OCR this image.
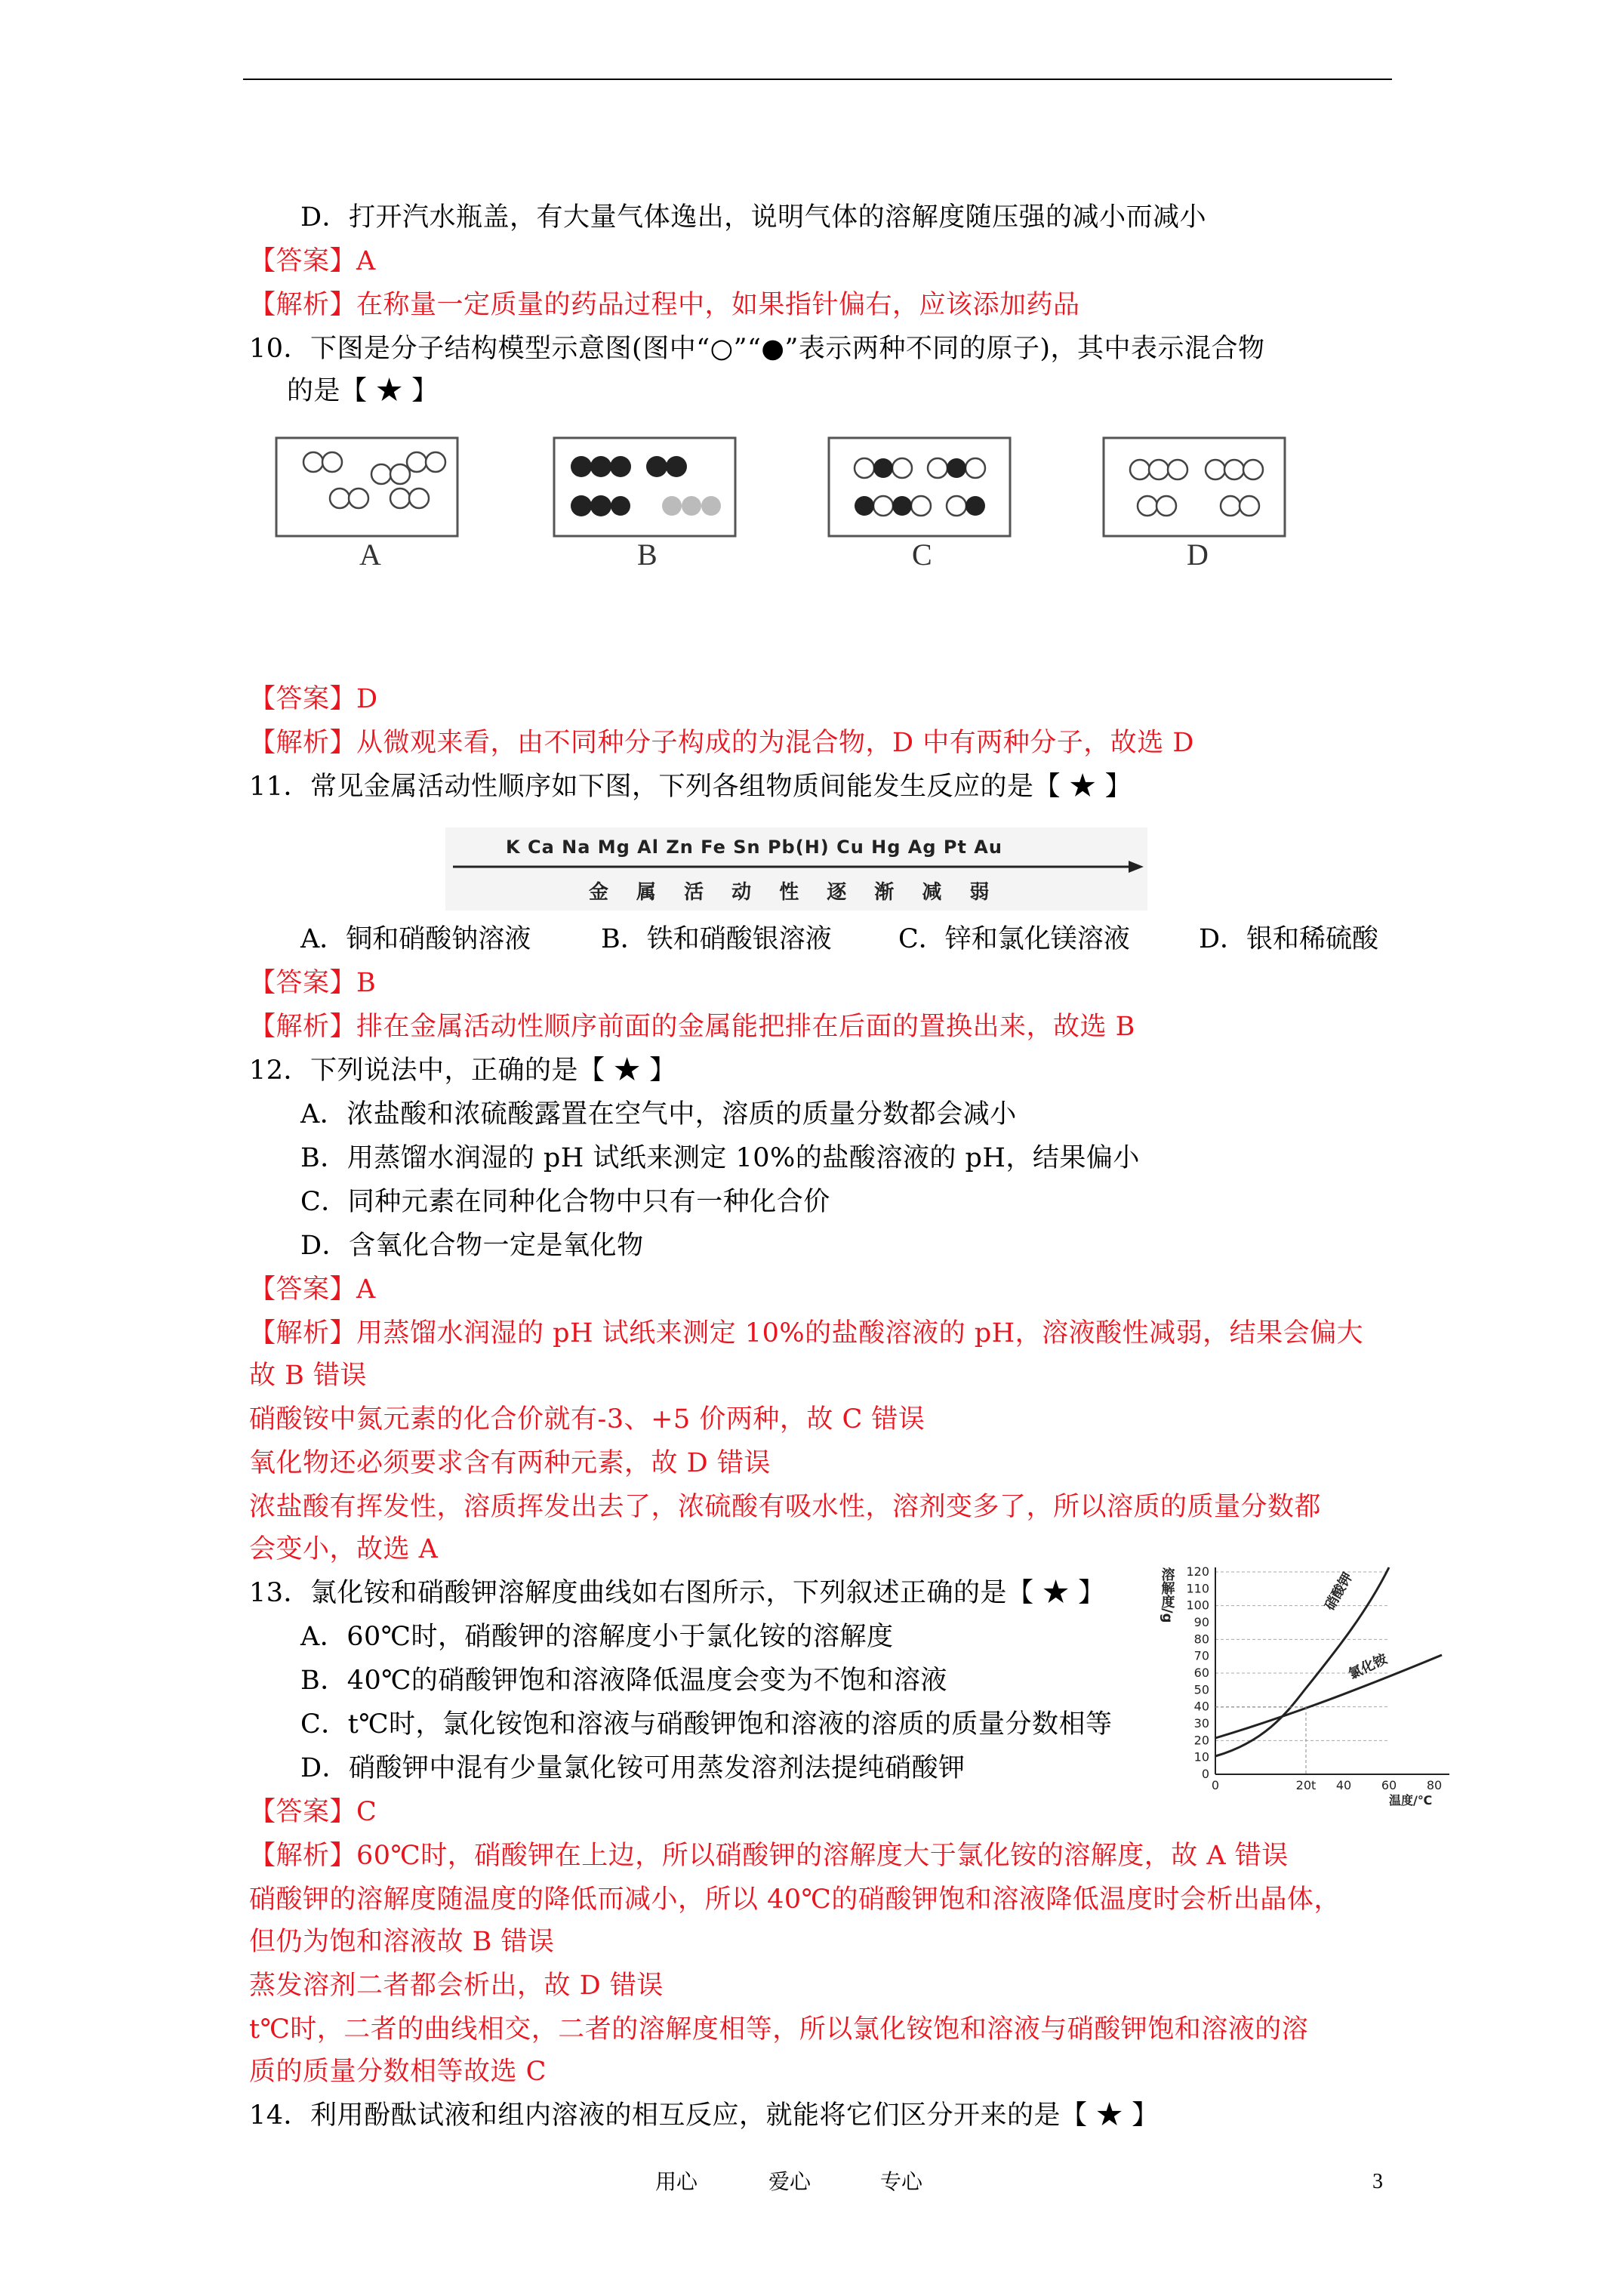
D．打开汽水瓶盖，有大量气体逸出，说明气体的溶解度随压强的减小而减小
【答案】A
【解析】在称量一定质量的药品过程中，如果指针偏右，应该添加药品
10．下图是分子结构模型示意图(图中“○”“●”表示两种不同的原子)，其中表示混合物
的是【 ★ 】
A	B	C	D
【答案】D
【解析】从微观来看，由不同种分子构成的为混合物，D 中有两种分子，故选 D
11．常见金属活动性顺序如下图，下列各组物质间能发生反应的是【 ★ 】
K Ca Na Mg Al Zn Fe Sn Pb(H) Cu Hg Ag Pt Au
金 属 活 动 性 逐 渐 减 弱
A．铜和硝酸钠溶液	B．铁和硝酸银溶液	C．锌和氯化镁溶液	D．银和稀硫酸
【答案】B
【解析】排在金属活动性顺序前面的金属能把排在后面的置换出来，故选 B
12．下列说法中，正确的是【 ★ 】
A．浓盐酸和浓硫酸露置在空气中，溶质的质量分数都会减小
B．用蒸馏水润湿的 pH 试纸来测定 10%的盐酸溶液的 pH，结果偏小
C．同种元素在同种化合物中只有一种化合价
D．含氧化合物一定是氧化物
【答案】A
【解析】用蒸馏水润湿的 pH 试纸来测定 10%的盐酸溶液的 pH，溶液酸性减弱，结果会偏大
故 B 错误
硝酸铵中氮元素的化合价就有-3、+5 价两种，故 C 错误
氧化物还必须要求含有两种元素，故 D 错误
浓盐酸有挥发性，溶质挥发出去了，浓硫酸有吸水性，溶剂变多了，所以溶质的质量分数都
会变小，故选 A
13．氯化铵和硝酸钾溶解度曲线如右图所示，下列叙述正确的是【 ★ 】
A．60℃时，硝酸钾的溶解度小于氯化铵的溶解度
B．40℃的硝酸钾饱和溶液降低温度会变为不饱和溶液
C．t℃时，氯化铵饱和溶液与硝酸钾饱和溶液的溶质的质量分数相等
D．硝酸钾中混有少量氯化铵可用蒸发溶剂法提纯硝酸钾
溶解度/g
0
10
20
30
40
50
60
70
80
90
100
110
120	硝酸钾
氯化铵
0	20t 40 60 80
温度/℃
【答案】C
【解析】60℃时，硝酸钾在上边，所以硝酸钾的溶解度大于氯化铵的溶解度，故 A 错误
硝酸钾的溶解度随温度的降低而减小，所以 40℃的硝酸钾饱和溶液降低温度时会析出晶体，
但仍为饱和溶液故 B 错误
蒸发溶剂二者都会析出，故 D 错误
t℃时，二者的曲线相交，二者的溶解度相等，所以氯化铵饱和溶液与硝酸钾饱和溶液的溶
质的质量分数相等故选 C
14．利用酚酞试液和组内溶液的相互反应，就能将它们区分开来的是【 ★ 】
用心	爱心	专心	3
